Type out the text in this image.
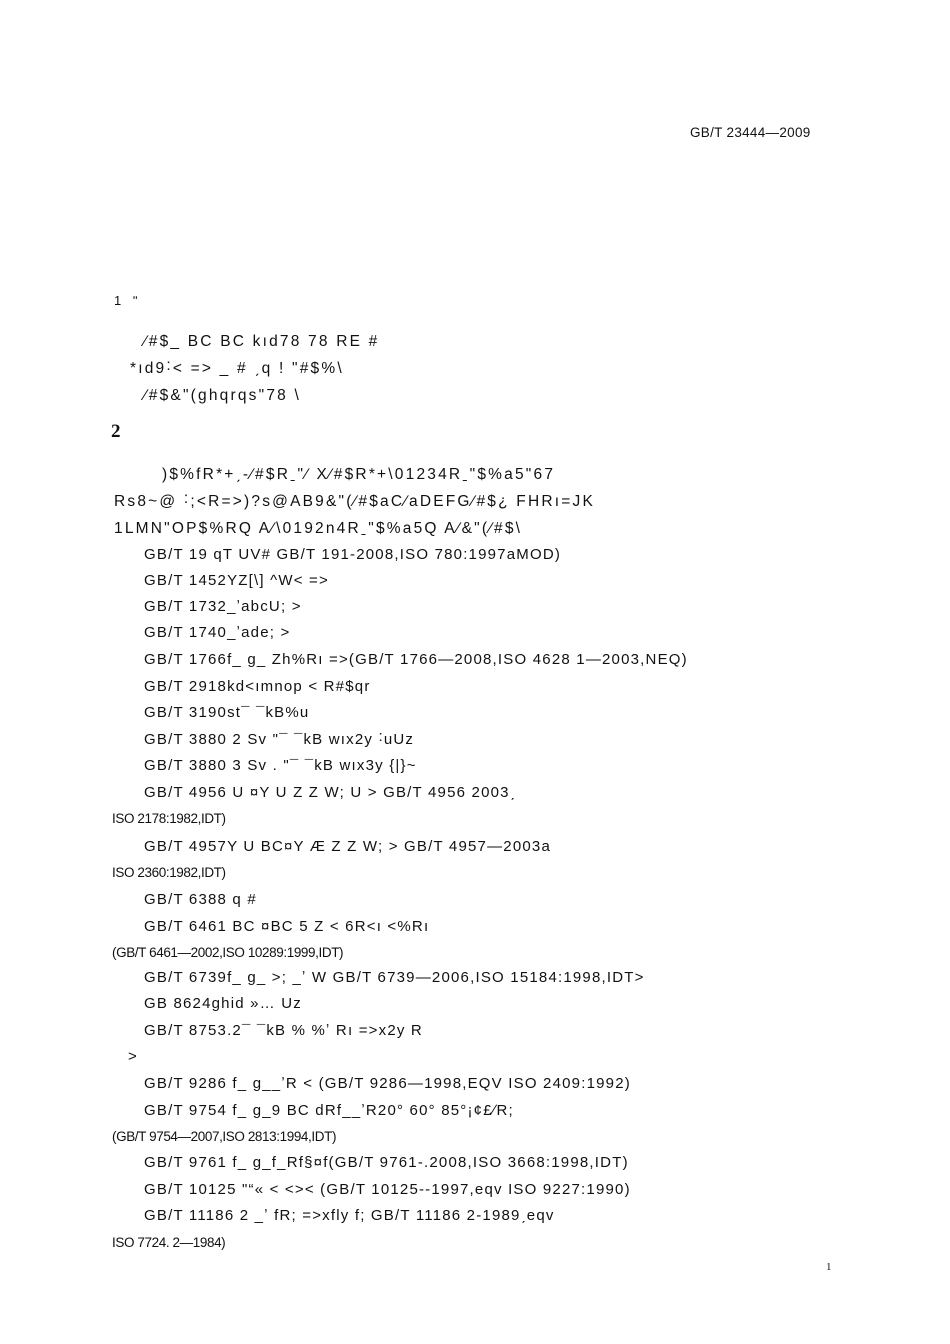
GB/T 23444—2009
1 ʺ
∕#$_ BC BC kıd78 78 RE #
*ıd9˸< => _ # ˏq ! "#$%\
∕#$&"(ghqrqs"78 \
2
)$%fR*+ˏ-∕#$Rˍ"∕ X∕#$R*+\01234Rˍ"$%a5"67
Rs8~@ ˸;<R=>)?s@AB9&"(∕#$aC∕aDEFG∕#$¿ FHRı=JK
1LMN"OP$%RQ A∕\0192n4Rˍ"$%a5Q A∕&"(∕#$\
GB/T 19 qT UV# GB/T 191-2008,ISO 780:1997aMOD)
GB/T 1452YZ[\] ^W< =>
GB/T 1732_ʼabcU; >
GB/T 1740_ʼade; >
GB/T 1766f_ g_ Zh%Rı =>(GB/T 1766—2008,ISO 4628 1—2003,NEQ)
GB/T 2918kd<ımnop < R#$qr
GB/T 3190st¯ ¯kB%u
GB/T 3880 2 Sv "¯ ¯kB wıx2y ˸uUz
GB/T 3880 3 Sv . "¯ ¯kB wıx3y {|}~
GB/T 4956 U ¤Y U Z Z W; U > GB/T 4956 2003ˏ
ISO 2178:1982,IDT)
GB/T 4957Y U BC¤Y Æ Z Z W; > GB/T 4957—2003a
ISO 2360:1982,IDT)
GB/T 6388 q #
GB/T 6461 BC ¤BC 5 Z < 6R<ı <%Rı
(GB/T 6461—2002,ISO 10289:1999,IDT)
GB/T 6739f_ g_ >; _ʼ W GB/T 6739—2006,ISO 15184:1998,IDT>
GB 8624ghid »… Uz
GB/T 8753.2¯ ¯kB % %ʼ Rı =>x2y R
>
GB/T 9286 f_ g__ʼR < (GB/T 9286—1998,EQV ISO 2409:1992)
GB/T 9754 f_ g_9 BC dRf__ʼR20° 60° 85°¡¢£∕R;
(GB/T 9754—2007,ISO 2813:1994,IDT)
GB/T 9761 f_ g_f_Rf§¤f(GB/T 9761-.2008,ISO 3668:1998,IDT)
GB/T 10125 "“« < <>< (GB/T 10125--1997,eqv ISO 9227:1990)
GB/T 11186 2 _ʼ fR; =>xfly f; GB/T 11186 2-1989ˏeqv
ISO 7724. 2—1984)
1
